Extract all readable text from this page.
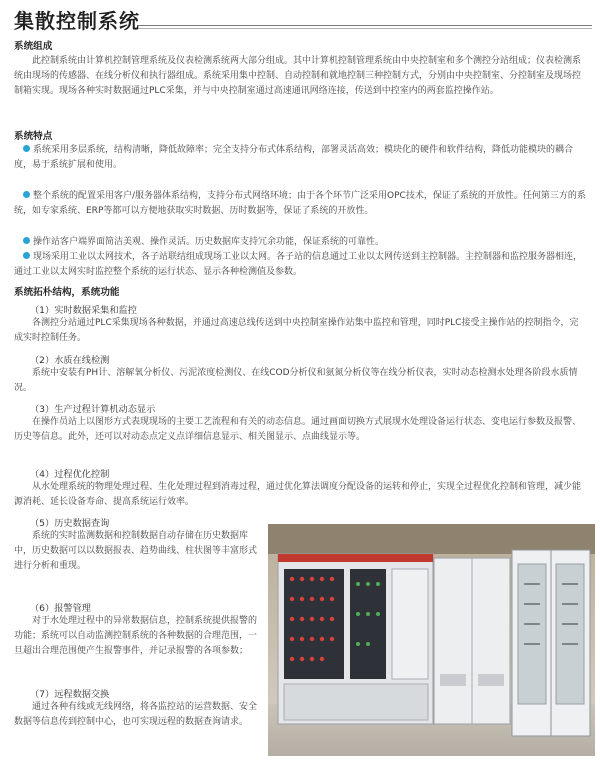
集散控制系统
系统组成

此控制系统由计算机控制管理系统及仪表检测系统两大部分组成。其中计算机控制管理系统由中央控制室和多个测控分站组成；仪表检测系统由现场的传感器、在线分析仪和执行器组成。系统采用集中控制、自动控制和就地控制三种控制方式，分别由中央控制室、分控制室及现场控制箱实现。现场各种实时数据通过PLC采集，并与中央控制室通过高速通讯网络连接，传送到中控室内的两套监控操作站。

系统特点

系统采用多层系统，结构清晰，降低故障率；完全支持分布式体系结构，部署灵活高效；模块化的硬件和软件结构，降低功能模块的耦合度，易于系统扩展和使用。

整个系统的配置采用客户/服务器体系结构，支持分布式网络环境；由于各个环节广泛采用OPC技术，保证了系统的开放性。任何第三方的系统，如专家系统、ERP等都可以方便地获取实时数据、历时数据等，保证了系统的开放性。

操作站客户端界面简洁美观、操作灵活。历史数据库支持冗余功能，保证系统的可靠性。

现场采用工业以太网技术，各子站联结组成现场工业以太网。各子站的信息通过工业以太网传送到主控制器。主控制器和监控服务器相连，通过工业以太网实时监控整个系统的运行状态、显示各种检测值及参数。

系统拓朴结构，系统功能
（1）实时数据采集和监控

各测控分站通过PLC采集现场各种数据，并通过高速总线传送到中央控制室操作站集中监控和管理，同时PLC接受主操作站的控制指令，完成实时控制任务。

（2）水质在线检测

系统中安装有PH计、溶解氧分析仪、污泥浓度检测仪、在线COD分析仪和氨氮分析仪等在线分析仪表，实时动态检测水处理各阶段水质情况。

（3）生产过程计算机动态显示

在操作员站上以图形方式表现现场的主要工艺流程和有关的动态信息。通过画面切换方式展现水处理设备运行状态、变电运行参数及报警、历史等信息。此外，还可以对动态点定义点详细信息显示、相关图显示、点曲线显示等。

（4）过程优化控制

从水处理系统的物理处理过程、生化处理过程到消毒过程，通过优化算法调度分配设备的运转和停止，实现全过程优化控制和管理，减少能源消耗、延长设备寿命、提高系统运行效率。

（5）历史数据查询

系统的实时监测数据和控制数据自动存储在历史数据库中，历史数据可以以数据报表、趋势曲线、柱状图等丰富形式进行分析和重现。

（6）报警管理

对于水处理过程中的异常数据信息，控制系统提供报警的功能；系统可以自动监测控制系统的各种数据的合理范围，一旦超出合理范围便产生报警事件，并记录报警的各项参数；

（7）远程数据交换

通过各种有线或无线网络，将各监控站的运营数据、安全数据等信息传到控制中心，也可实现远程的数据查询请求。
